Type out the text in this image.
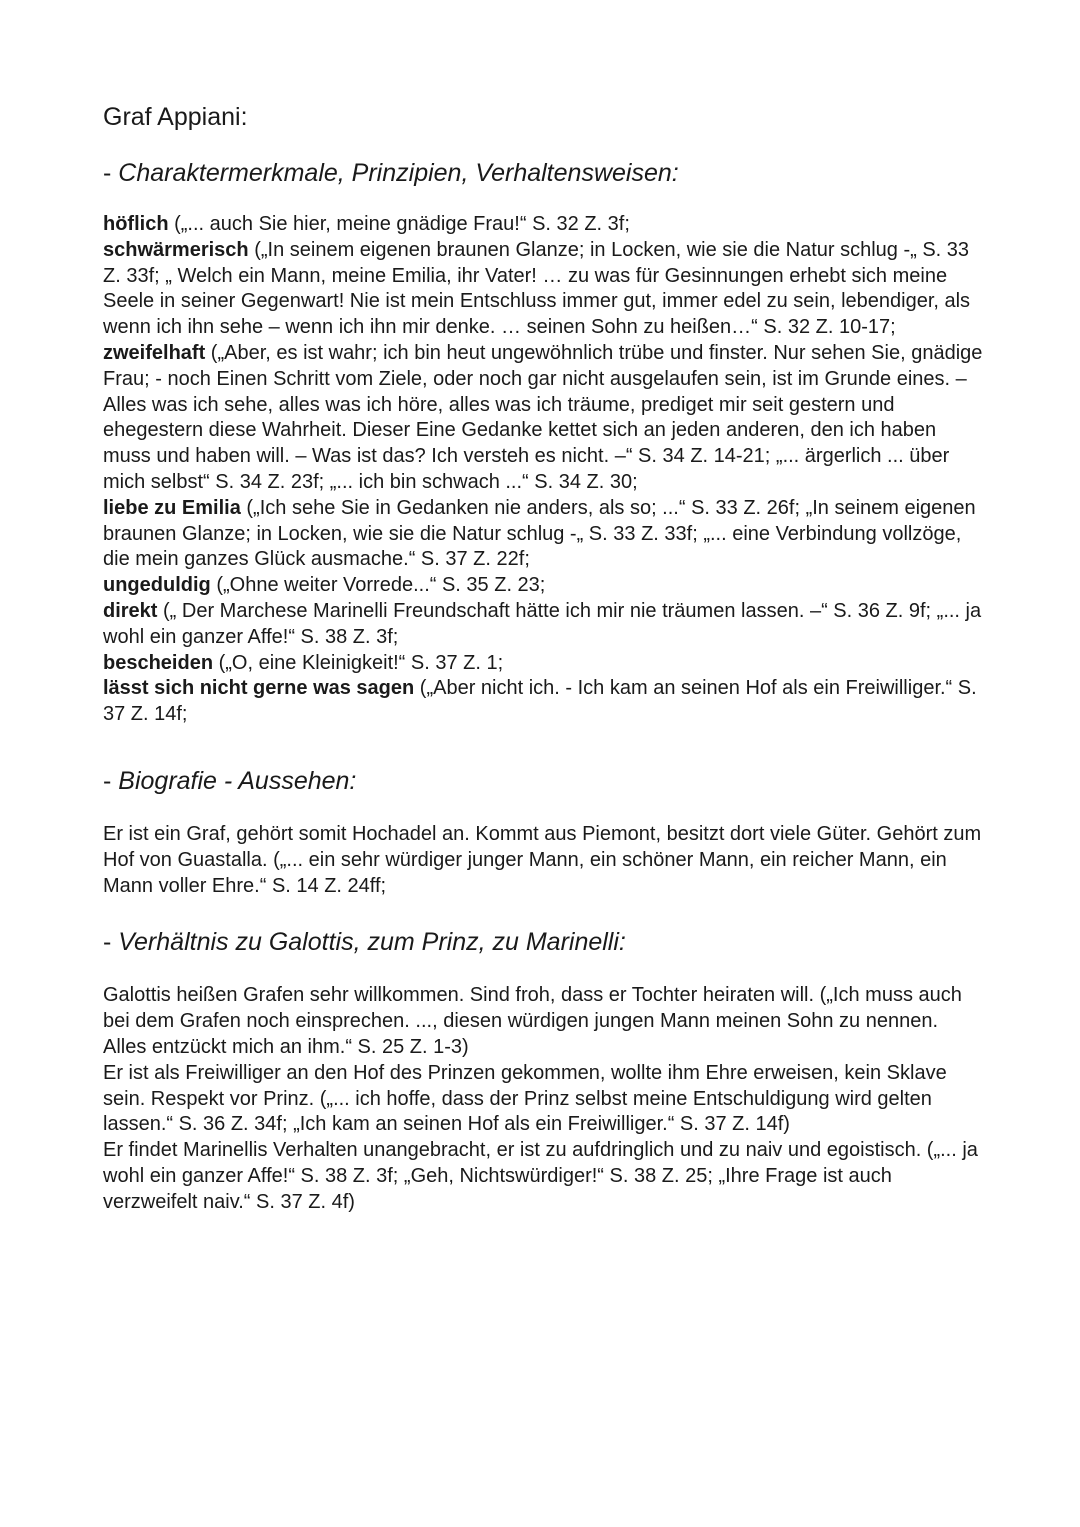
Graf Appiani:
- Charaktermerkmale, Prinzipien, Verhaltensweisen:

höflich („... auch Sie hier, meine gnädige Frau!“ S. 32 Z. 3f;

schwärmerisch („In seinem eigenen braunen Glanze; in Locken, wie sie die Natur schlug -„ S. 33 Z. 33f; „ Welch ein Mann, meine Emilia, ihr Vater! … zu was für Gesinnungen erhebt sich meine Seele in seiner Gegenwart! Nie ist mein Entschluss immer gut, immer edel zu sein, lebendiger, als wenn ich ihn sehe – wenn ich ihn mir denke. … seinen Sohn zu heißen…“ S. 32 Z. 10-17;

zweifelhaft („Aber, es ist wahr; ich bin heut ungewöhnlich trübe und finster. Nur sehen Sie, gnädige Frau; - noch Einen Schritt vom Ziele, oder noch gar nicht ausgelaufen sein, ist im Grunde eines. – Alles was ich sehe, alles was ich höre, alles was ich träume, prediget mir seit gestern und ehegestern diese Wahrheit. Dieser Eine Gedanke kettet sich an jeden anderen, den ich haben muss und haben will. – Was ist das? Ich versteh es nicht. –“ S. 34 Z. 14-21; „... ärgerlich ... über mich selbst“ S. 34 Z. 23f; „... ich bin schwach ...“ S. 34 Z. 30;

liebe zu Emilia („Ich sehe Sie in Gedanken nie anders, als so; ...“ S. 33 Z. 26f; „In seinem eigenen braunen Glanze; in Locken, wie sie die Natur schlug -„ S. 33 Z. 33f; „... eine Verbindung vollzöge, die mein ganzes Glück ausmache.“ S. 37 Z. 22f;

ungeduldig („Ohne weiter Vorrede...“ S. 35 Z. 23;

direkt („ Der Marchese Marinelli Freundschaft hätte ich mir nie träumen lassen. –“ S. 36 Z. 9f; „... ja wohl ein ganzer Affe!“ S. 38 Z. 3f;

bescheiden („O, eine Kleinigkeit!“ S. 37 Z. 1;

lässt sich nicht gerne was sagen („Aber nicht ich. - Ich kam an seinen Hof als ein Freiwilliger.“ S. 37 Z. 14f;

- Biografie - Aussehen:

Er ist ein Graf, gehört somit Hochadel an. Kommt aus Piemont, besitzt dort viele Güter. Gehört zum Hof von Guastalla. („... ein sehr würdiger junger Mann, ein schöner Mann, ein reicher Mann, ein Mann voller Ehre.“ S. 14 Z. 24ff;

- Verhältnis zu Galottis, zum Prinz, zu Marinelli:

Galottis heißen Grafen sehr willkommen. Sind froh, dass er Tochter heiraten will. („Ich muss auch bei dem Grafen noch einsprechen. ..., diesen würdigen jungen Mann meinen Sohn zu nennen. Alles entzückt mich an ihm.“ S. 25 Z. 1-3)

Er ist als Freiwilliger an den Hof des Prinzen gekommen, wollte ihm Ehre erweisen, kein Sklave sein. Respekt vor Prinz. („... ich hoffe, dass der Prinz selbst meine Entschuldigung wird gelten lassen.“ S. 36 Z. 34f; „Ich kam an seinen Hof als ein Freiwilliger.“ S. 37 Z. 14f)

Er findet Marinellis Verhalten unangebracht, er ist zu aufdringlich und zu naiv und egoistisch. („... ja wohl ein ganzer Affe!“ S. 38 Z. 3f; „Geh, Nichtswürdiger!“ S. 38 Z. 25; „Ihre Frage ist auch verzweifelt naiv.“ S. 37 Z. 4f)
